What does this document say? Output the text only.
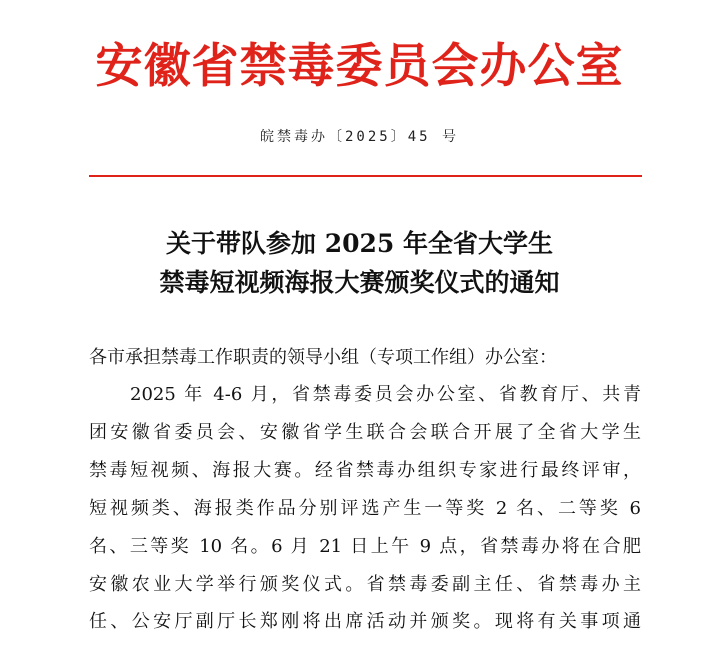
安徽省禁毒委员会办公室
皖禁毒办〔2025〕45 号
关于带队参加 2025 年全省大学生
禁毒短视频海报大赛颁奖仪式的通知
各市承担禁毒工作职责的领导小组（专项工作组）办公室：
2025 年 4-6 月，省禁毒委员会办公室、省教育厅、共青
团安徽省委员会、安徽省学生联合会联合开展了全省大学生
禁毒短视频、海报大赛。经省禁毒办组织专家进行最终评审，
短视频类、海报类作品分别评选产生一等奖 2 名、二等奖 6
名、三等奖 10 名。6 月 21 日上午 9 点，省禁毒办将在合肥
安徽农业大学举行颁奖仪式。省禁毒委副主任、省禁毒办主
任、公安厅副厅长郑刚将出席活动并颁奖。现将有关事项通
